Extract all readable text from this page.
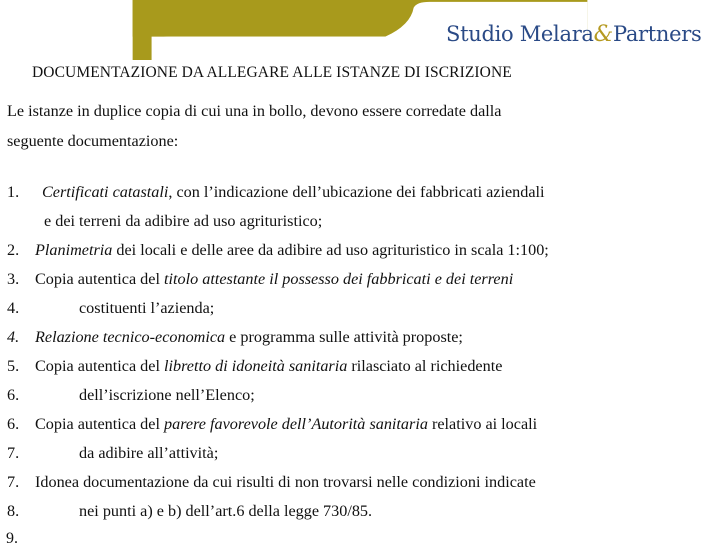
Studio Melara&Partners
DOCUMENTAZIONE DA ALLEGARE ALLE ISTANZE DI ISCRIZIONE
Le istanze in duplice copia di cui una in bollo, devono essere corredate dalla
seguente documentazione:
1. Certificati catastali, con l’indicazione dell’ubicazione dei fabbricati aziendali
e dei terreni da adibire ad uso agrituristico;
2. Planimetria dei locali e delle aree da adibire ad uso agrituristico in scala 1:100;
3. Copia autentica del titolo attestante il possesso dei fabbricati e dei terreni
4.	costituenti l’azienda;
4. Relazione tecnico-economica e programma sulle attività proposte;
5. Copia autentica del libretto di idoneità sanitaria rilasciato al richiedente
6.	dell’iscrizione nell’Elenco;
6. Copia autentica del parere favorevole dell’Autorità sanitaria relativo ai locali
7.	da adibire all’attività;
7. Idonea documentazione da cui risulti di non trovarsi nelle condizioni indicate
8.	nei punti a) e b) dell’art.6 della legge 730/85.
9.
